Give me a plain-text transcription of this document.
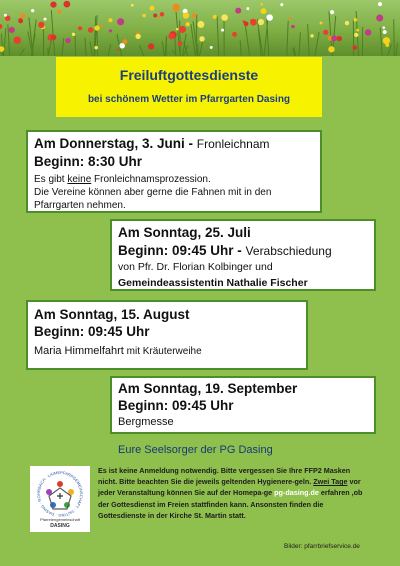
Freiluftgottesdienste
bei schönem Wetter im Pfarrgarten Dasing
Am Donnerstag, 3. Juni - Fronleichnam
Beginn: 8:30 Uhr
Es gibt keine Fronleichnamsprozession.
Die Vereine können aber gerne die Fahnen mit in den
Pfarrgarten nehmen.
Am Sonntag, 25. Juli
Beginn: 09:45 Uhr - Verabschiedung
von Pfr. Dr. Florian Kolbinger und
Gemeindeassistentin Nathalie Fischer
Am Sonntag, 15. August
Beginn: 09:45 Uhr
Maria Himmelfahrt mit Kräuterweihe
Am Sonntag, 19. September
Beginn: 09:45 Uhr
Bergmesse
Eure Seelsorger der PG Dasing
PFARRGEMEINSCHAFT · TAITING · DASING · ROHRBACH · LAIME
Pfarreiengemeinschaft
DASING
Es ist keine Anmeldung notwendig. Bitte vergessen Sie Ihre FFP2 Masken nicht. Bitte beachten Sie die jeweils geltenden Hygienere-geln. Zwei Tage vor jeder Veranstaltung können Sie auf der Homepa-ge pg-dasing.de erfahren ,ob der Gottesdienst im Freien stattfinden kann. Ansonsten finden die Gottesdienste in der Kirche St. Martin statt.
Bilder: pfarrbriefservice.de
